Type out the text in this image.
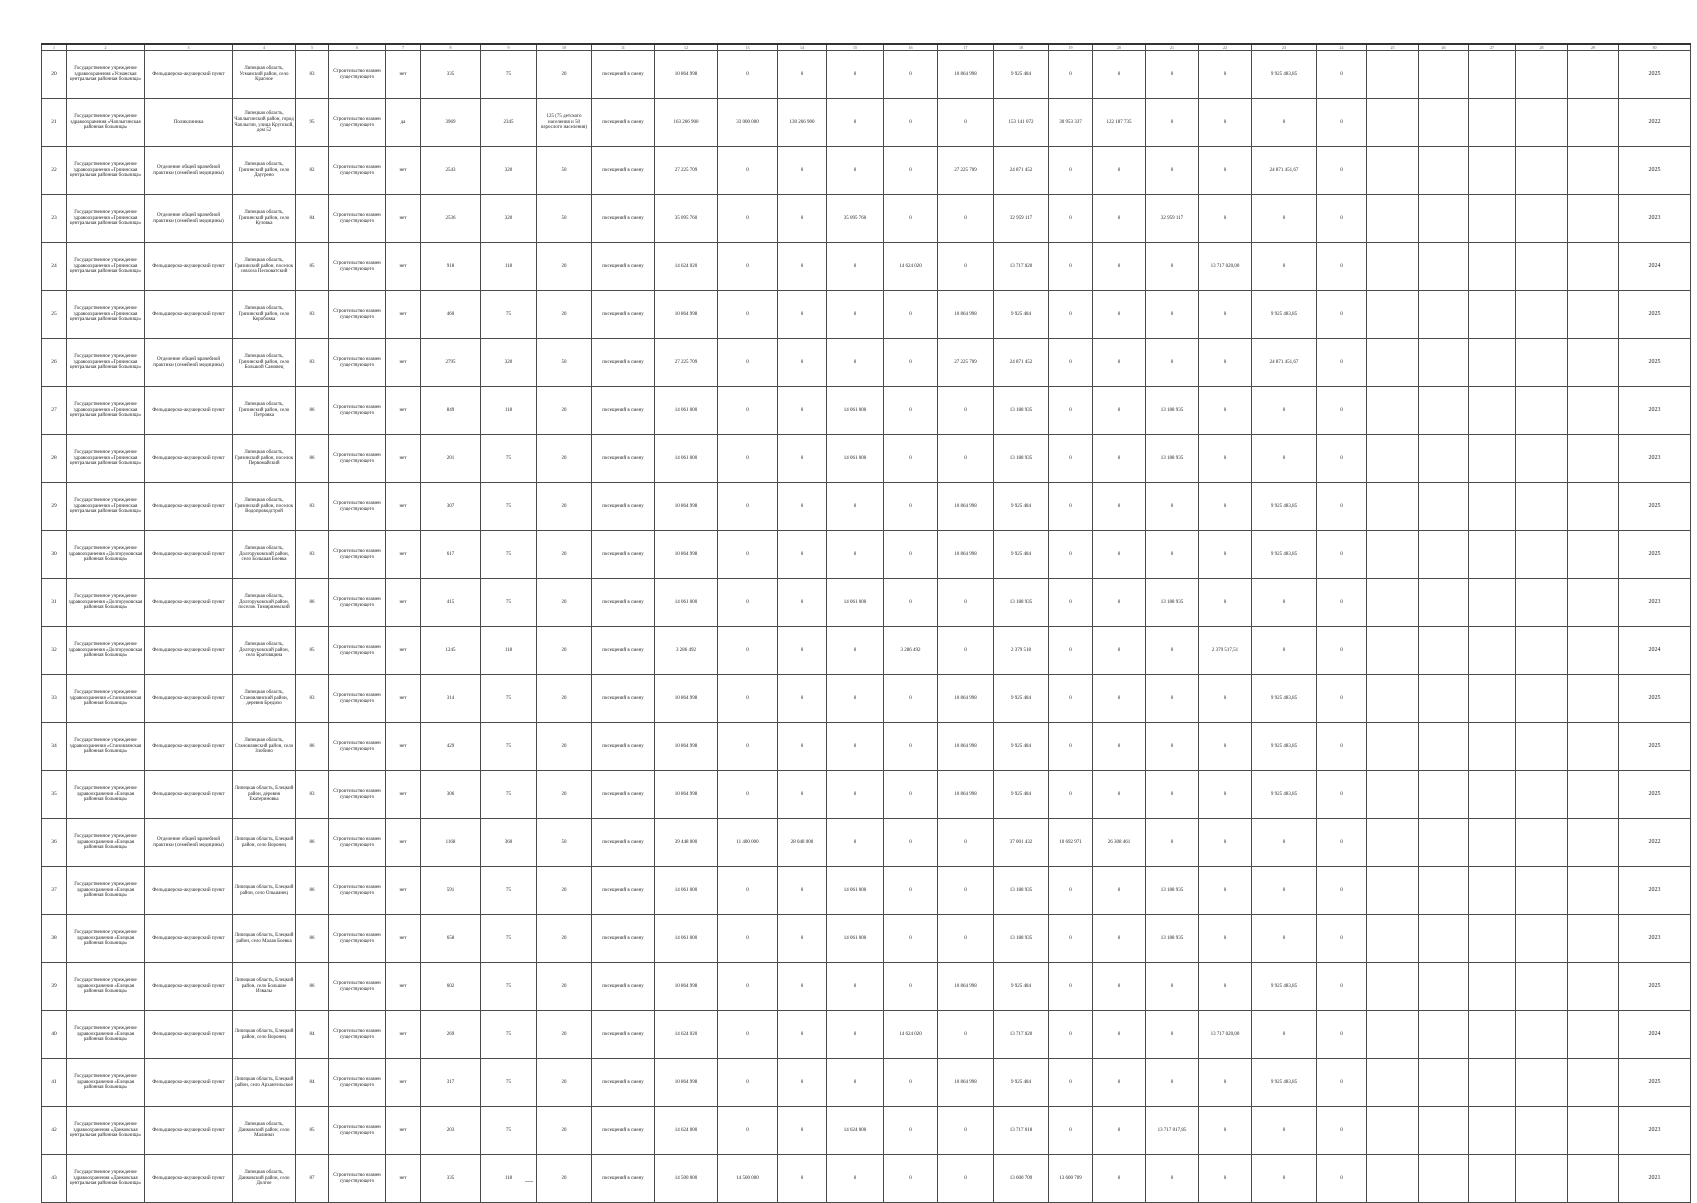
1	2	3	4	5	6	7	8	9	10	11	12	13	14	15	16	17	18	19	20	21	22	23	24	25	26	27	28	29	30
20	Государственное учреждение здравоохранения «Усманская центральная районная больница»	Фельдшерско-акушерский пункт	Липецкая область, Усманский район, село Красное	83	Строительство взамен существующего	нет	335	75	20	посещений в смену	10 864 998	0	0	0	0	10 864 998	9 925 484	0	0	0	0	9 925 483,85	0						2025
21	Государственное учреждение здравоохранения «Чаплыгинская районная больница»	Поликлиника	Липецкая область, Чаплыгинский район, город Чаплыгин, улица Крупской, дом 52	95	Строительство взамен существующего	да	3969	2345	125 (75 детского населения и 50 взрослого населения)	посещений в смену	163 266 900	33 000 000	130 266 900	0	0	0	153 141 072	30 953 337	122 187 735	0	0	0	0						2022
22	Государственное учреждение здравоохранения «Грязинская центральная районная больница»	Отделение общей врачебной практики (семейной медицины)	Липецкая область, Грязинский район, село Даугрено	82	Строительство взамен существующего	нет	2543	320	50	посещений в смену	27 225 709	0	0	0	0	27 225 709	24 871 452	0	0	0	0	24 871 451,67	0						2025
23	Государственное учреждение здравоохранения «Грязинская центральная районная больница»	Отделение общей врачебной практики (семейной медицины)	Липецкая область, Грязинский район, село Кузовка	84	Строительство взамен существующего	нет	2536	320	50	посещений в смену	35 095 760	0	0	35 095 760	0	0	32 959 117	0	0	32 959 117	0	0	0						2023
24	Государственное учреждение здравоохранения «Грязинская центральная районная больница»	Фельдшерско-акушерский пункт	Липецкая область, Грязинский район, поселок совхоза Песковатский	85	Строительство взамен существующего	нет	918	118	20	посещений в смену	14 624 020	0	0	0	14 624 020	0	13 717 020	0	0	0	13 717 020,00	0	0						2024
25	Государственное учреждение здравоохранения «Грязинская центральная районная больница»	Фельдшерско-акушерский пункт	Липецкая область, Грязинский район, село Коробовка	83	Строительство взамен существующего	нет	460	75	20	посещений в смену	10 864 998	0	0	0	0	10 864 998	9 925 484	0	0	0	0	9 925 483,85	0						2025
26	Государственное учреждение здравоохранения «Грязинская центральная районная больница»	Отделение общей врачебной практики (семейной медицины)	Липецкая область, Грязинский район, село Большой Самовец	83	Строительство взамен существующего	нет	2795	320	50	посещений в смену	27 225 709	0	0	0	0	27 225 709	24 871 452	0	0	0	0	24 871 451,67	0						2025
27	Государственное учреждение здравоохранения «Грязинская центральная районная больница»	Фельдшерско-акушерский пункт	Липецкая область, Грязинский район, село Петровка	86	Строительство взамен существующего	нет	849	118	20	посещений в смену	14 061 000	0	0	14 061 000	0	0	13 188 935	0	0	13 188 935	0	0	0						2023
28	Государственное учреждение здравоохранения «Грязинская центральная районная больница»	Фельдшерско-акушерский пункт	Липецкая область, Грязинский район, поселок Первомайский	86	Строительство взамен существующего	нет	201	75	20	посещений в смену	14 061 000	0	0	14 061 000	0	0	13 188 935	0	0	13 188 935	0	0	0						2023
29	Государственное учреждение здравоохранения «Грязинская центральная районная больница»	Фельдшерско-акушерский пункт	Липецкая область, Грязинский район, поселок Водопроводстрой	83	Строительство взамен существующего	нет	307	75	20	посещений в смену	10 864 998	0	0	0	0	10 864 998	9 925 484	0	0	0	0	9 925 483,85	0						2025
30	Государственное учреждение здравоохранения «Долгоруковская районная больница»	Фельдшерско-акушерский пункт	Липецкая область, Долгоруковский район, село Большая Боевка	83	Строительство взамен существующего	нет	617	75	20	посещений в смену	10 864 998	0	0	0	0	10 864 998	9 925 484	0	0	0	0	9 925 483,85	0						2025
31	Государственное учреждение здравоохранения «Долгоруковская районная больница»	Фельдшерско-акушерский пункт	Липецкая область, Долгоруковский район, поселок Тимирязевский	86	Строительство взамен существующего	нет	415	75	20	посещений в смену	14 061 000	0	0	14 061 000	0	0	13 188 935	0	0	13 188 935	0	0	0						2023
32	Государственное учреждение здравоохранения «Долгоруковская районная больница»	Фельдшерско-акушерский пункт	Липецкая область, Долгоруковский район, село Братовщина	85	Строительство взамен существующего	нет	1245	118	20	посещений в смену	3 286 492	0	0	0	3 286 492	0	2 379 518	0	0	0	2 379 517,51	0	0						2024
33	Государственное учреждение здравоохранения «Становлянская районная больница»	Фельдшерско-акушерский пункт	Липецкая область, Становлянский район, деревня Бредихо	83	Строительство взамен существующего	нет	314	75	20	посещений в смену	10 864 998	0	0	0	0	10 864 998	9 925 484	0	0	0	0	9 925 483,85	0						2025
34	Государственное учреждение здравоохранения «Становлянская районная больница»	Фельдшерско-акушерский пункт	Липецкая область, Становлянский район, село Злобино	86	Строительство взамен существующего	нет	429	75	20	посещений в смену	10 864 998	0	0	0	0	10 864 998	9 925 484	0	0	0	0	9 925 483,85	0						2025
35	Государственное учреждение здравоохранения «Елецкая районная больница»	Фельдшерско-акушерский пункт	Липецкая область, Елецкий район, деревня Екатериновка	83	Строительство взамен существующего	нет	306	75	20	посещений в смену	10 864 998	0	0	0	0	10 864 998	9 925 484	0	0	0	0	9 925 483,85	0						2025
36	Государственное учреждение здравоохранения «Елецкая районная больница»	Отделение общей врачебной практики (семейной медицины)	Липецкая область, Елецкий район, село Воронец	86	Строительство взамен существующего	нет	1168	360	50	посещений в смену	39 448 000	11 400 000	28 048 000	0	0	0	37 001 432	10 692 971	26 308 461	0	0	0	0						2022
37	Государственное учреждение здравоохранения «Елецкая районная больница»	Фельдшерско-акушерский пункт	Липецкая область, Елецкий район, село Ольшанец	86	Строительство взамен существующего	нет	591	75	20	посещений в смену	14 061 000	0	0	14 061 000	0	0	13 188 935	0	0	13 188 935	0	0	0						2023
38	Государственное учреждение здравоохранения «Елецкая районная больница»	Фельдшерско-акушерский пункт	Липецкая область, Елецкий район, село Малая Боевка	86	Строительство взамен существующего	нет	658	75	20	посещений в смену	14 061 000	0	0	14 061 000	0	0	13 188 935	0	0	13 188 935	0	0	0						2023
39	Государственное учреждение здравоохранения «Елецкая районная больница»	Фельдшерско-акушерский пункт	Липецкая область, Елецкий район, село Большие Извалы	86	Строительство взамен существующего	нет	602	75	20	посещений в смену	10 864 998	0	0	0	0	10 864 998	9 925 484	0	0	0	0	9 925 483,85	0						2025
40	Государственное учреждение здравоохранения «Елецкая районная больница»	Фельдшерско-акушерский пункт	Липецкая область, Елецкий район, село Воронец	84	Строительство взамен существующего	нет	269	75	20	посещений в смену	14 624 020	0	0	0	14 624 020	0	13 717 020	0	0	0	13 717 020,00	0	0						2024
41	Государственное учреждение здравоохранения «Елецкая районная больница»	Фельдшерско-акушерский пункт	Липецкая область, Елецкий район, село Архангельское	84	Строительство взамен существующего	нет	317	75	20	посещений в смену	10 864 998	0	0	0	0	10 864 998	9 925 484	0	0	0	0	9 925 483,85	0						2025
42	Государственное учреждение здравоохранения «Данковская центральная районная больница»	Фельдшерско-акушерский пункт	Липецкая область, Данковский район, село Малинки	85	Строительство взамен существующего	нет	203	75	20	посещений в смену	14 624 000	0	0	14 624 000	0	0	13 717 018	0	0	13 717 017,85	0	0	0						2023
43	Государственное учреждение здравоохранения «Данковская центральная районная больница»	Фельдшерско-акушерский пункт	Липецкая область, Данковский район, село Долгое	87	Строительство взамен существующего	нет	335	118	20	посещений в смену	14 500 000	14 500 000	0	0	0	0	13 600 709	13 600 709	0	0	0	0	0						2021
